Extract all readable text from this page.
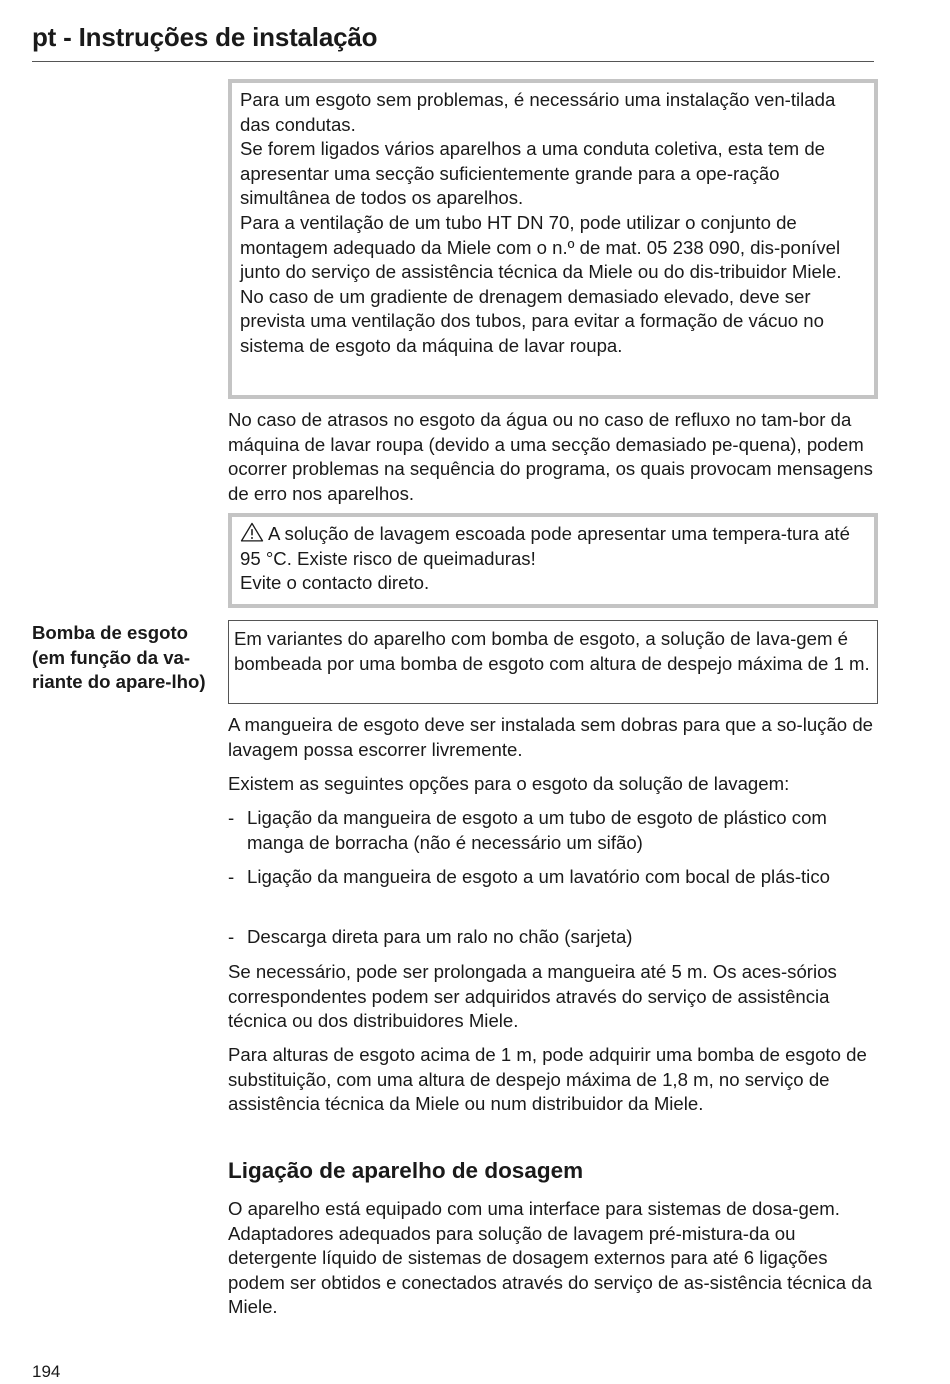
pt - Instruções de instalação

Para um esgoto sem problemas, é necessário uma instalação ven-tilada das condutas.

Se forem ligados vários aparelhos a uma conduta coletiva, esta tem de apresentar uma secção suficientemente grande para a ope-ração simultânea de todos os aparelhos.

Para a ventilação de um tubo HT DN 70, pode utilizar o conjunto de montagem adequado da Miele com o n.º de mat. 05 238 090, dis-ponível junto do serviço de assistência técnica da Miele ou do dis-tribuidor Miele.

No caso de um gradiente de drenagem demasiado elevado, deve ser prevista uma ventilação dos tubos, para evitar a formação de vácuo no sistema de esgoto da máquina de lavar roupa.

No caso de atrasos no esgoto da água ou no caso de refluxo no tam-bor da máquina de lavar roupa (devido a uma secção demasiado pe-quena), podem ocorrer problemas na sequência do programa, os quais provocam mensagens de erro nos aparelhos.

A solução de lavagem escoada pode apresentar uma tempera-tura até 95 °C. Existe risco de queimaduras!

Evite o contacto direto.

Bomba de esgoto (em função da va-riante do apare-lho)

Em variantes do aparelho com bomba de esgoto, a solução de lava-gem é bombeada por uma bomba de esgoto com altura de despejo máxima de 1 m.

A mangueira de esgoto deve ser instalada sem dobras para que a so-lução de lavagem possa escorrer livremente.

Existem as seguintes opções para o esgoto da solução de lavagem:

- Ligação da mangueira de esgoto a um tubo de esgoto de plástico com manga de borracha (não é necessário um sifão)
- Ligação da mangueira de esgoto a um lavatório com bocal de plás-tico
- Descarga direta para um ralo no chão (sarjeta)

Se necessário, pode ser prolongada a mangueira até 5 m. Os aces-sórios correspondentes podem ser adquiridos através do serviço de assistência técnica ou dos distribuidores Miele.

Para alturas de esgoto acima de 1 m, pode adquirir uma bomba de esgoto de substituição, com uma altura de despejo máxima de 1,8 m, no serviço de assistência técnica da Miele ou num distribuidor da Miele.

Ligação de aparelho de dosagem

O aparelho está equipado com uma interface para sistemas de dosa-gem. Adaptadores adequados para solução de lavagem pré-mistura-da ou detergente líquido de sistemas de dosagem externos para até 6 ligações podem ser obtidos e conectados através do serviço de as-sistência técnica da Miele.

194
